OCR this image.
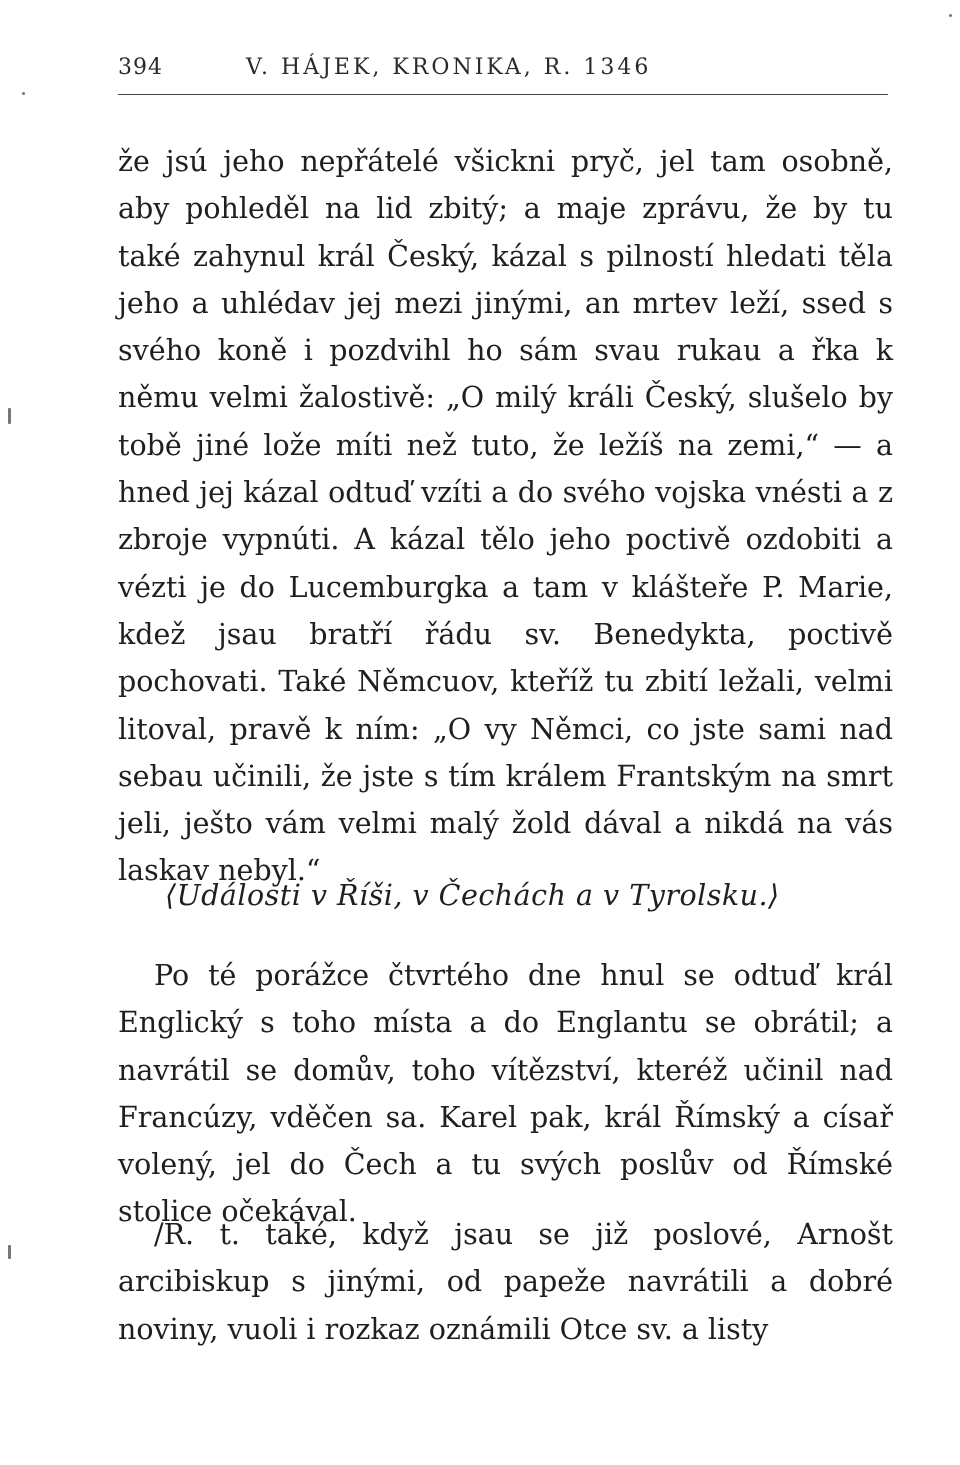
394	V. HÁJEK, KRONIKA, R. 1346

že jsú jeho nepřátelé všickni pryč, jel tam osobně, aby pohleděl na lid zbitý; a maje zprávu, že by tu také zahynul král Český, kázal s pilností hledati těla jeho a uhlédav jej mezi jinými, an mrtev leží, ssed s svého koně i pozdvihl ho sám svau rukau a řka k němu velmi žalostivě: „O milý králi Český, slušelo by tobě jiné lože míti než tuto, že ležíš na zemi,“ — a hned jej kázal odtuď vzíti a do svého vojska vnésti a z zbroje vypnúti. A kázal tělo jeho poctivě ozdobiti a vézti je do Lucemburgka a tam v klášteře P. Marie, kdež jsau bratří řádu sv. Benedykta, poctivě pochovati. Také Němcuov, kteříž tu zbití ležali, velmi litoval, pravě k ním: „O vy Němci, co jste sami nad sebau učinili, že jste s tím králem Frantským na smrt jeli, ješto vám velmi malý žold dával a nikdá na vás laskav nebyl.“

⟨Události v Říši, v Čechách a v Tyrolsku.⟩

Po té porážce čtvrtého dne hnul se odtuď král Englický s toho místa a do Englantu se obrátil; a navrátil se domův, toho vítězství, kteréž učinil nad Francúzy, vděčen sa. Karel pak, král Římský a císař volený, jel do Čech a tu svých poslův od Římské stolice očekával.

/R. t. také, když jsau se již poslové, Arnošt arcibiskup s jinými, od papeže navrátili a dobré noviny, vuoli i rozkaz oznámili Otce sv. a listy
